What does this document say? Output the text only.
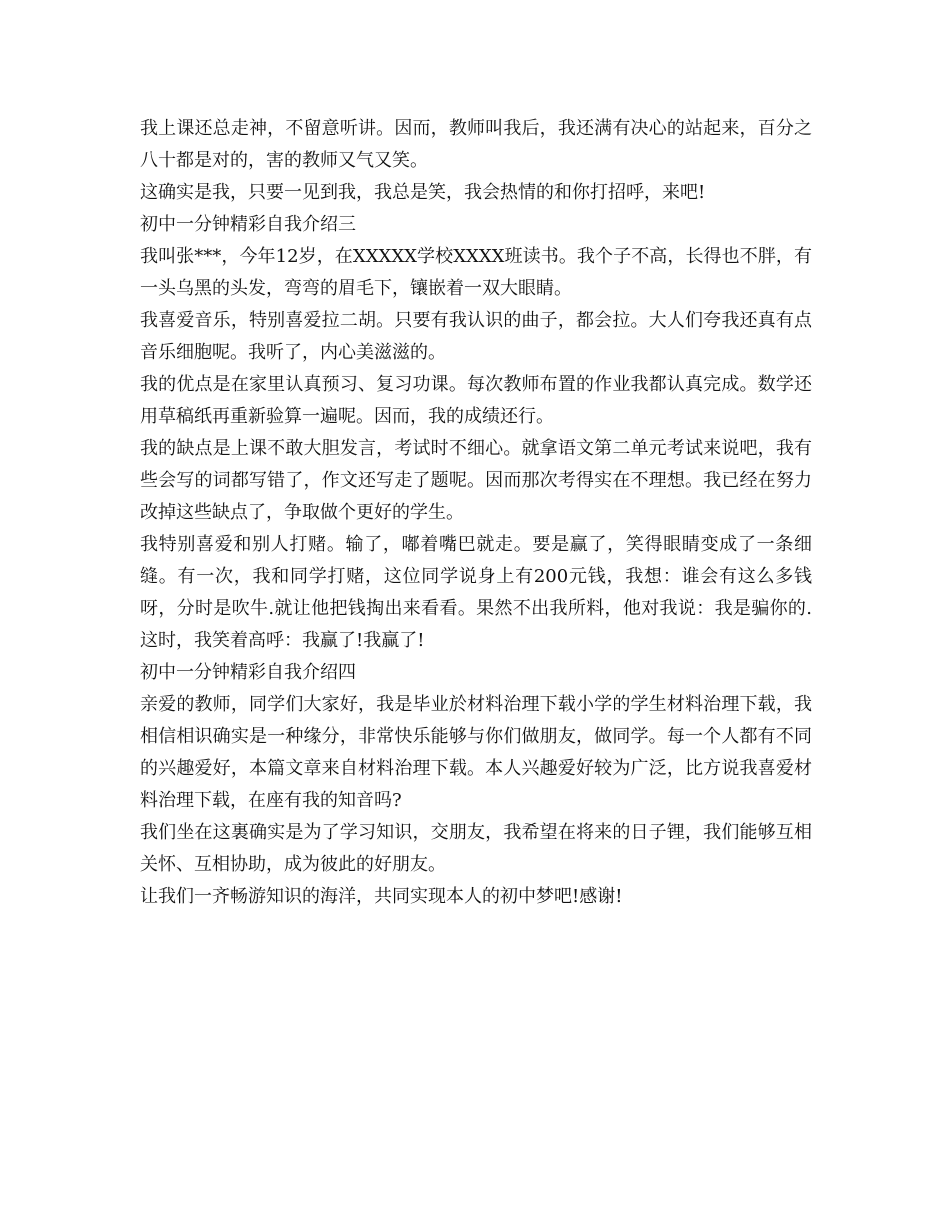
我上课还总走神，不留意听讲。因而，教师叫我后，我还满有决心的站起来，百分之八十都是对的，害的教师又气又笑。

这确实是我，只要一见到我，我总是笑，我会热情的和你打招呼，来吧!

初中一分钟精彩自我介绍三

我叫张***，今年12岁，在XXXXX学校XXXX班读书。我个子不高，长得也不胖，有一头乌黑的头发，弯弯的眉毛下，镶嵌着一双大眼睛。

我喜爱音乐，特别喜爱拉二胡。只要有我认识的曲子，都会拉。大人们夸我还真有点音乐细胞呢。我听了，内心美滋滋的。

我的优点是在家里认真预习、复习功课。每次教师布置的作业我都认真完成。数学还用草稿纸再重新验算一遍呢。因而，我的成绩还行。

我的缺点是上课不敢大胆发言，考试时不细心。就拿语文第二单元考试来说吧，我有些会写的词都写错了，作文还写走了题呢。因而那次考得实在不理想。我已经在努力改掉这些缺点了，争取做个更好的学生。

我特别喜爱和别人打赌。输了，嘟着嘴巴就走。要是赢了，笑得眼睛变成了一条细缝。有一次，我和同学打赌，这位同学说身上有200元钱，我想：谁会有这么多钱呀，分时是吹牛.就让他把钱掏出来看看。果然不出我所料，他对我说：我是骗你的.这时，我笑着高呼：我赢了!我赢了!

初中一分钟精彩自我介绍四

亲爱的教师，同学们大家好，我是毕业於材料治理下载小学的学生材料治理下载，我相信相识确实是一种缘分，非常快乐能够与你们做朋友，做同学。每一个人都有不同的兴趣爱好，本篇文章来自材料治理下载。本人兴趣爱好较为广泛，比方说我喜爱材料治理下载，在座有我的知音吗?

我们坐在这裏确实是为了学习知识，交朋友，我希望在将来的日子锂，我们能够互相关怀、互相协助，成为彼此的好朋友。

让我们一齐畅游知识的海洋，共同实现本人的初中梦吧!感谢!
